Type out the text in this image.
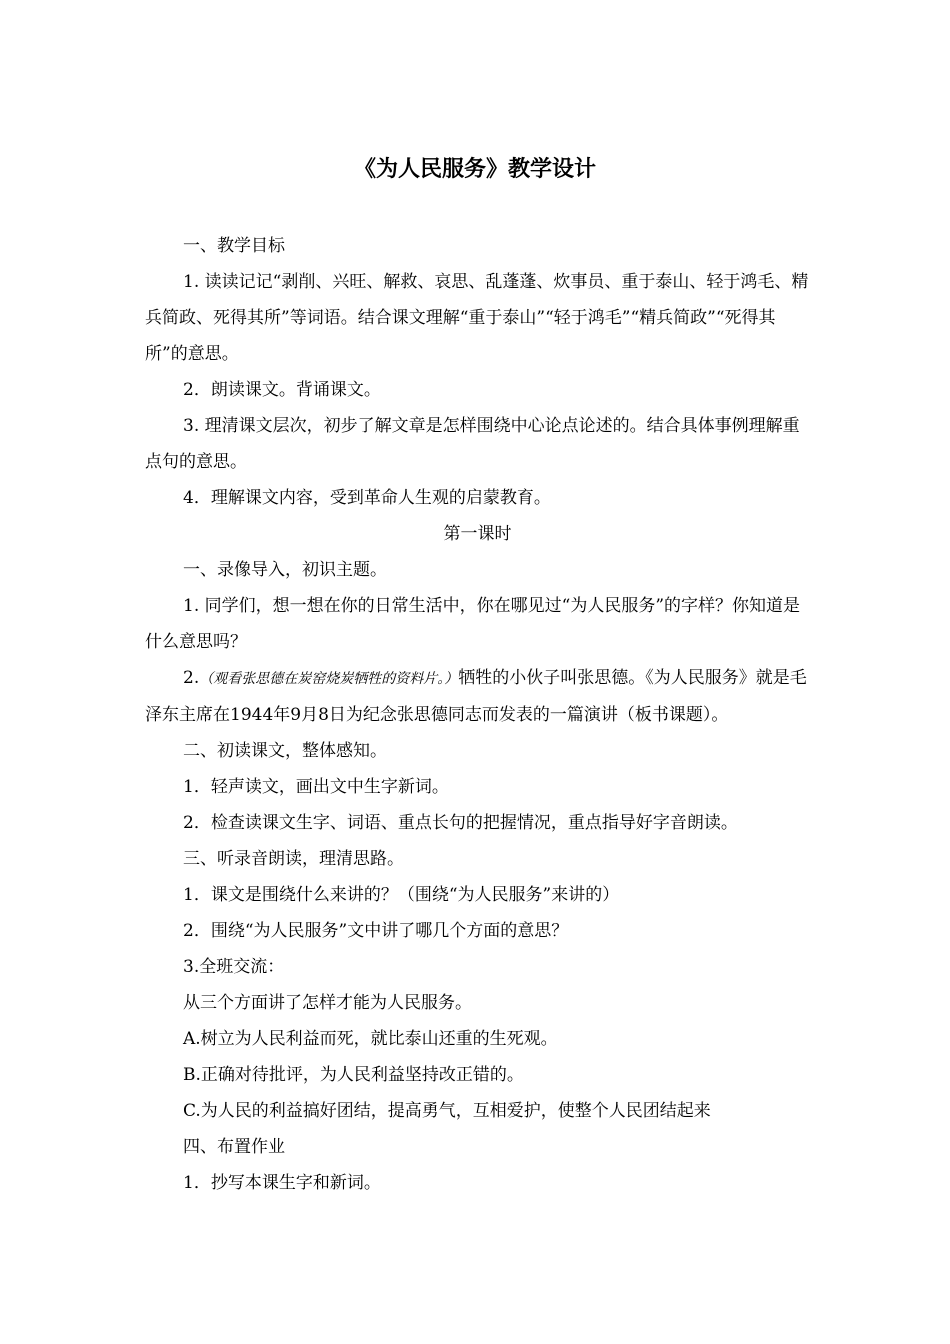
《为人民服务》教学设计

一、教学目标

1. 读读记记“剥削、兴旺、解救、哀思、乱蓬蓬、炊事员、重于泰山、轻于鸿毛、精兵简政、死得其所”等词语。结合课文理解“重于泰山”“轻于鸿毛”“精兵简政”“死得其所”的意思。

2．朗读课文。背诵课文。

3. 理清课文层次，初步了解文章是怎样围绕中心论点论述的。结合具体事例理解重点句的意思。

4．理解课文内容，受到革命人生观的启蒙教育。

第一课时

一、录像导入，初识主题。

1. 同学们，想一想在你的日常生活中，你在哪见过“为人民服务”的字样？你知道是什么意思吗？

2.（观看张思德在炭窑烧炭牺牲的资料片。）牺牲的小伙子叫张思德。《为人民服务》就是毛泽东主席在1944年9月8日为纪念张思德同志而发表的一篇演讲（板书课题）。

二、初读课文，整体感知。

1．轻声读文，画出文中生字新词。

2．检查读课文生字、词语、重点长句的把握情况，重点指导好字音朗读。

三、听录音朗读，理清思路。

1．课文是围绕什么来讲的？（围绕“为人民服务”来讲的）

2．围绕“为人民服务”文中讲了哪几个方面的意思？

3.全班交流：

从三个方面讲了怎样才能为人民服务。

A.树立为人民利益而死，就比泰山还重的生死观。

B.正确对待批评，为人民利益坚持改正错的。

C.为人民的利益搞好团结，提高勇气，互相爱护，使整个人民团结起来

四、布置作业

1．抄写本课生字和新词。
